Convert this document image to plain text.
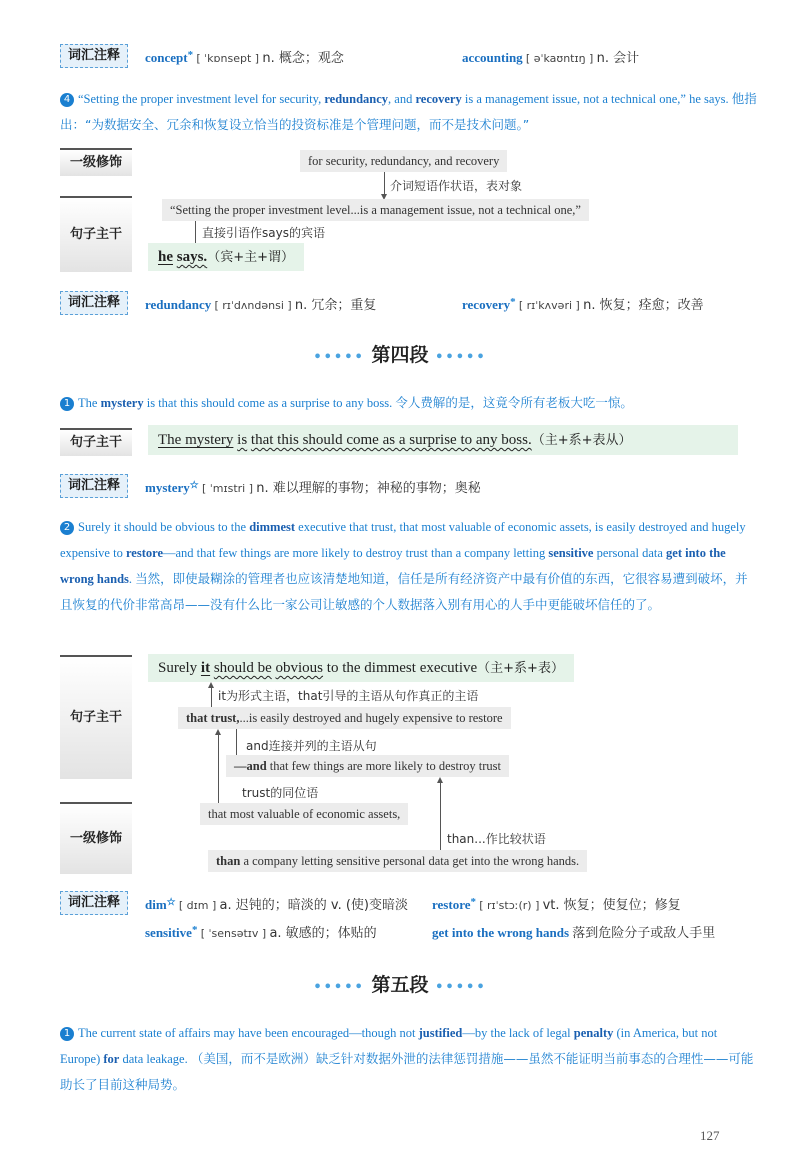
词汇注释	concept* [ ˈkɒnsept ] n. 概念；观念	accounting [ əˈkaʊntɪŋ ] n. 会计
4 “Setting the proper investment level for security, redundancy, and recovery is a management issue, not a technical one,” he says. 他指出：“为数据安全、冗余和恢复设立恰当的投资标准是个管理问题，而不是技术问题。”
一级修饰
句子主干
for security, redundancy, and recovery
介词短语作状语，表对象
“Setting the proper investment level...is a management issue, not a technical one,”
直接引语作says的宾语
he says.（宾+主+谓）
词汇注释	redundancy [ rɪˈdʌndənsi ] n. 冗余；重复	recovery* [ rɪˈkʌvəri ] n. 恢复；痊愈；改善
••••• 第四段 •••••
1 The mystery is that this should come as a surprise to any boss. 令人费解的是，这竟令所有老板大吃一惊。
句子主干	The mystery is that this should come as a surprise to any boss.（主+系+表从）
词汇注释	mystery☆ [ ˈmɪstri ] n. 难以理解的事物；神秘的事物；奥秘
2 Surely it should be obvious to the dimmest executive that trust, that most valuable of economic assets, is easily destroyed and hugely expensive to restore—and that few things are more likely to destroy trust than a company letting sensitive personal data get into the wrong hands. 当然，即使最糊涂的管理者也应该清楚地知道，信任是所有经济资产中最有价值的东西，它很容易遭到破坏，并且恢复的代价非常高昂——没有什么比一家公司让敏感的个人数据落入别有用心的人手中更能破坏信任的了。
句子主干
一级修饰
Surely it should be obvious to the dimmest executive（主+系+表）
it为形式主语，that引导的主语从句作真正的主语
that trust,...is easily destroyed and hugely expensive to restore
and连接并列的主语从句
—and that few things are more likely to destroy trust
trust的同位语
that most valuable of economic assets,
than...作比较状语
than a company letting sensitive personal data get into the wrong hands.
词汇注释	dim☆ [ dɪm ] a. 迟钝的；暗淡的 v. (使)变暗淡 restore* [ rɪˈstɔː(r) ] vt. 恢复；使复位；修复
sensitive* [ ˈsensətɪv ] a. 敏感的；体贴的	get into the wrong hands 落到危险分子或敌人手里
••••• 第五段 •••••
1 The current state of affairs may have been encouraged—though not justified—by the lack of legal penalty (in America, but not Europe) for data leakage. （美国，而不是欧洲）缺乏针对数据外泄的法律惩罚措施——虽然不能证明当前事态的合理性——可能助长了目前这种局势。
127
